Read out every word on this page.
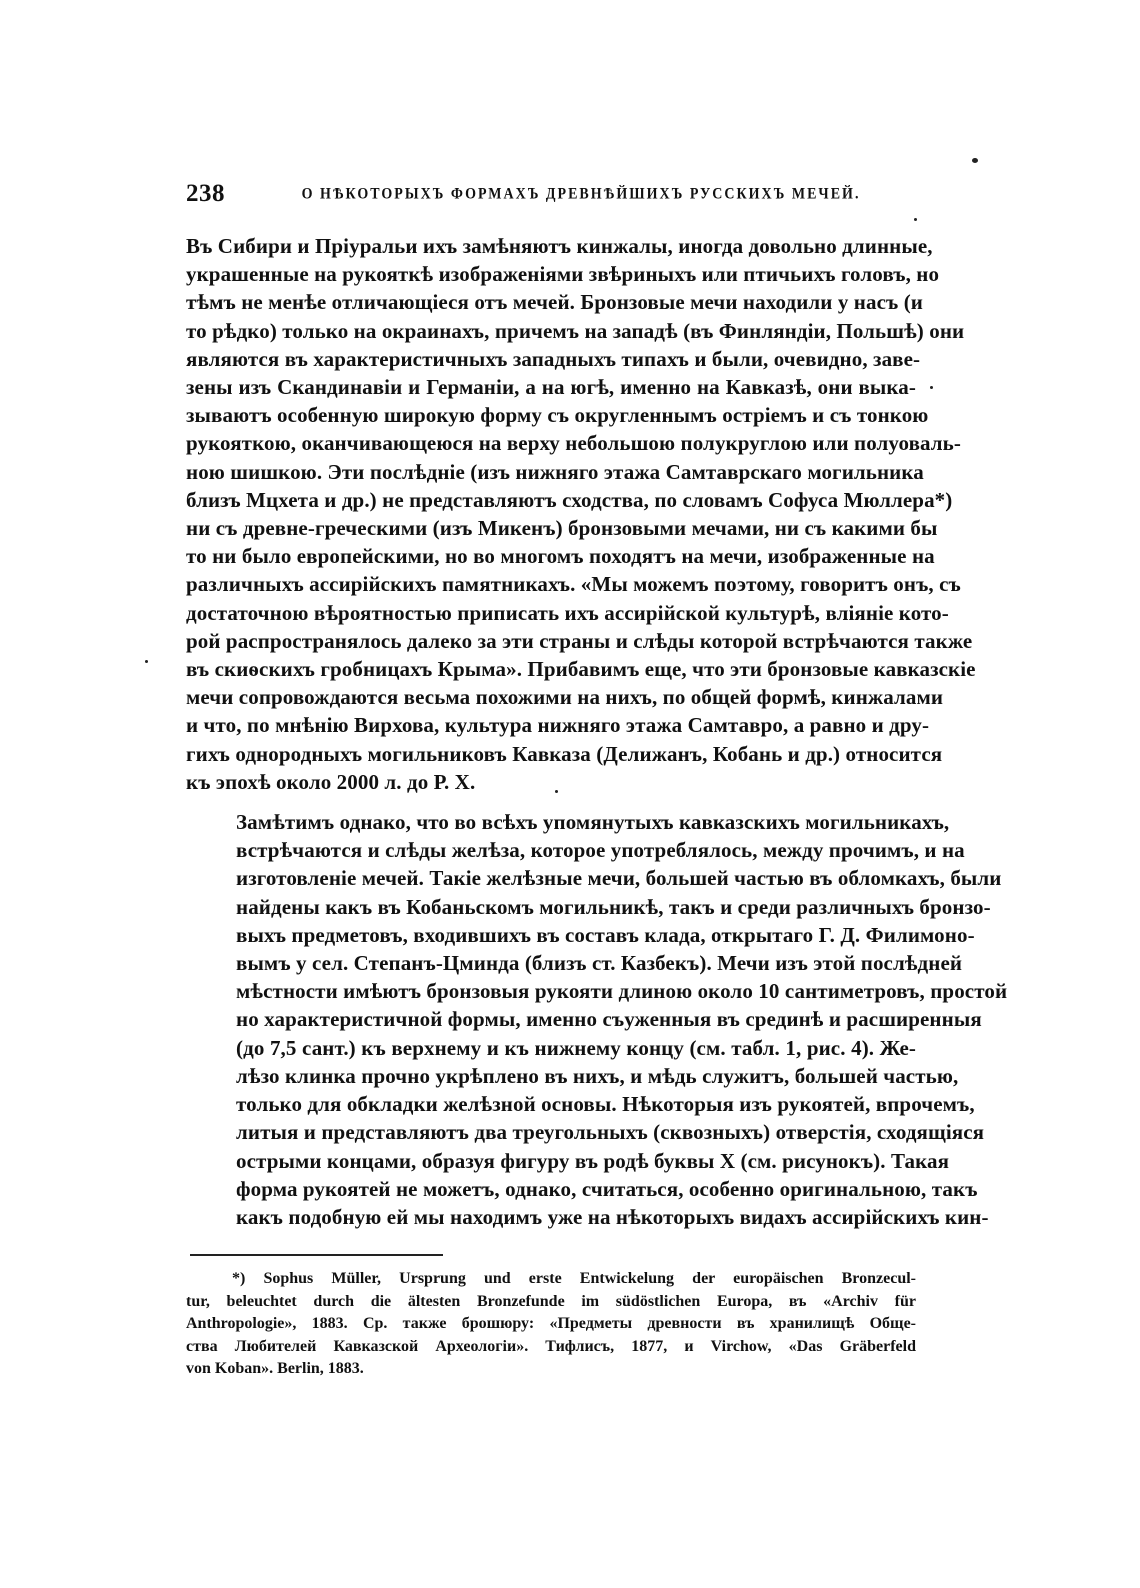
238	О НѢКОТОРЫХЪ ФОРМАХЪ ДРЕВНѢЙШИХЪ РУССКИХЪ МЕЧЕЙ.

Въ Сибири и Пріуральи ихъ замѣняютъ кинжалы, иногда довольно длинные,
украшенные на рукояткѣ изображеніями звѣриныхъ или птичьихъ головъ, но
тѣмъ не менѣе отличающіеся отъ мечей. Бронзовые мечи находили у насъ (и
то рѣдко) только на окраинахъ, причемъ на западѣ (въ Финляндіи, Польшѣ) они
являются въ характеристичныхъ западныхъ типахъ и были, очевидно, заве-
зены изъ Скандинавіи и Германіи, а на югѣ, именно на Кавказѣ, они выка-
зываютъ особенную широкую форму съ округленнымъ остріемъ и съ тонкою
рукояткою, оканчивающеюся на верху небольшою полукруглою или полуоваль-
ною шишкою. Эти послѣдніе (изъ нижняго этажа Самтаврскаго могильника
близъ Мцхета и др.) не представляютъ сходства, по словамъ Софуса Мюллера*)
ни съ древне-греческими (изъ Микенъ) бронзовыми мечами, ни съ какими бы
то ни было европейскими, но во многомъ походятъ на мечи, изображенные на
различныхъ ассирійскихъ памятникахъ. «Мы можемъ поэтому, говоритъ онъ, съ
достаточною вѣроятностью приписать ихъ ассирійской культурѣ, вліяніе кото-
рой распространялось далеко за эти страны и слѣды которой встрѣчаются также
въ скиѳскихъ гробницахъ Крыма». Прибавимъ еще, что эти бронзовые кавказскіе
мечи сопровождаются весьма похожими на нихъ, по общей формѣ, кинжалами
и что, по мнѣнію Вирхова, культура нижняго этажа Самтавро, а равно и дру-
гихъ однородныхъ могильниковъ Кавказа (Делижанъ, Кобань и др.) относится
къ эпохѣ около 2000 л. до Р. Х.

Замѣтимъ однако, что во всѣхъ упомянутыхъ кавказскихъ могильникахъ,
встрѣчаются и слѣды желѣза, которое употреблялось, между прочимъ, и на
изготовленіе мечей. Такіе желѣзные мечи, большей частью въ обломкахъ, были
найдены какъ въ Кобаньскомъ могильникѣ, такъ и среди различныхъ бронзо-
выхъ предметовъ, входившихъ въ составъ клада, открытаго Г. Д. Филимоно-
вымъ у сел. Степанъ-Цминда (близъ ст. Казбекъ). Мечи изъ этой послѣдней
мѣстности имѣютъ бронзовыя рукояти длиною около 10 сантиметровъ, простой
но характеристичной формы, именно съуженныя въ срединѣ и расширенныя
(до 7,5 сант.) къ верхнему и къ нижнему концу (см. табл. 1, рис. 4). Же-
лѣзо клинка прочно укрѣплено въ нихъ, и мѣдь служитъ, большей частью,
только для обкладки желѣзной основы. Нѣкоторыя изъ рукоятей, впрочемъ,
литыя и представляютъ два треугольныхъ (сквозныхъ) отверстія, сходящіяся
острыми концами, образуя фигуру въ родѣ буквы Х (см. рисунокъ). Такая
форма рукоятей не можетъ, однако, считаться, особенно оригинальною, такъ
какъ подобную ей мы находимъ уже на нѣкоторыхъ видахъ ассирійскихъ кин-

*) Sophus Müller, Ursprung und erste Entwickelung der europäischen Bronzecul-
tur, beleuchtet durch die ältesten Bronzefunde im südöstlichen Europa, въ «Archiv für
Anthropologie», 1883. Ср. также брошюру: «Предметы древности въ хранилищѣ Обще-
ства Любителей Кавказской Археологіи». Тифлисъ, 1877, и Virchow, «Das Gräberfeld
von Koban». Berlin, 1883.
